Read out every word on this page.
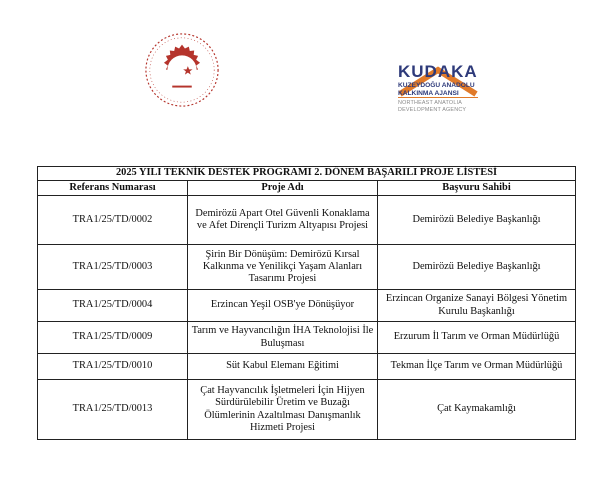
KUDAKA
KUZEYDOĞU ANADOLU
KALKINMA AJANSI
NORTHEAST ANATOLIA
DEVELOPMENT AGENCY
2025 YILI TEKNİK DESTEK PROGRAMI 2. DÖNEM BAŞARILI PROJE LİSTESİ		
Referans Numarası	Proje Adı	Başvuru Sahibi
TRA1/25/TD/0002	Demirözü Apart Otel Güvenli Konaklama ve Afet Dirençli Turizm Altyapısı Projesi	Demirözü Belediye Başkanlığı
TRA1/25/TD/0003	Şirin Bir Dönüşüm: Demirözü Kırsal Kalkınma ve Yenilikçi Yaşam Alanları Tasarımı Projesi	Demirözü Belediye Başkanlığı
TRA1/25/TD/0004	Erzincan Yeşil OSB'ye Dönüşüyor	Erzincan Organize Sanayi Bölgesi Yönetim Kurulu Başkanlığı
TRA1/25/TD/0009	Tarım ve Hayvancılığın İHA Teknolojisi İle Buluşması	Erzurum İl Tarım ve Orman Müdürlüğü
TRA1/25/TD/0010	Süt Kabul Elemanı Eğitimi	Tekman İlçe Tarım ve Orman Müdürlüğü
TRA1/25/TD/0013	Çat Hayvancılık İşletmeleri İçin Hijyen Sürdürülebilir Üretim ve Buzağı Ölümlerinin Azaltılması Danışmanlık Hizmeti Projesi	Çat Kaymakamlığı
